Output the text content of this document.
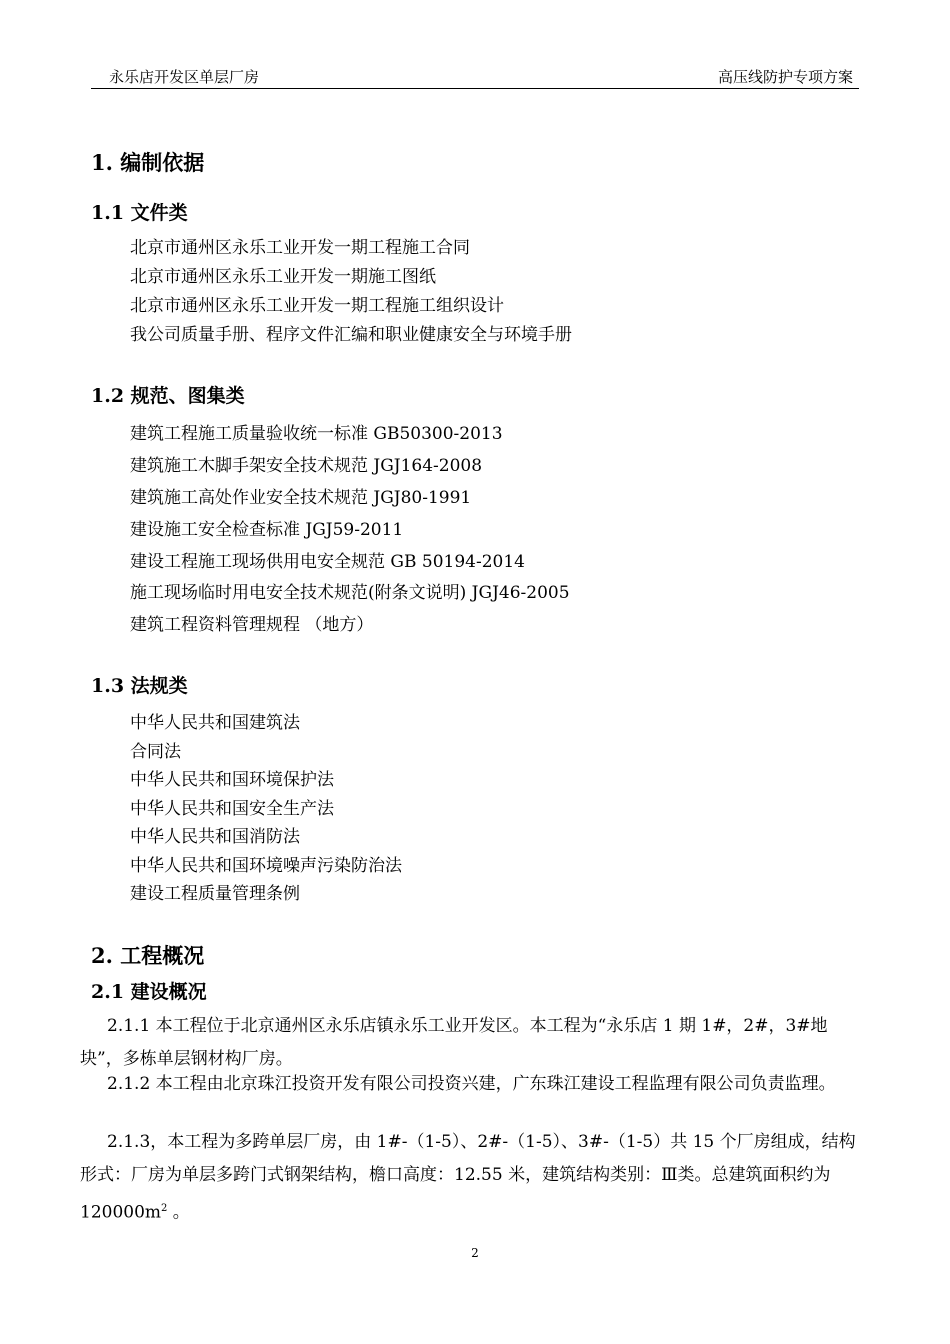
永乐店开发区单层厂房	高压线防护专项方案
1. 编制依据
1.1 文件类
北京市通州区永乐工业开发一期工程施工合同
北京市通州区永乐工业开发一期施工图纸
北京市通州区永乐工业开发一期工程施工组织设计
我公司质量手册、程序文件汇编和职业健康安全与环境手册
1.2 规范、图集类
建筑工程施工质量验收统一标准 GB50300-2013
建筑施工木脚手架安全技术规范 JGJ164-2008
建筑施工高处作业安全技术规范 JGJ80-1991
建设施工安全检查标准 JGJ59-2011
建设工程施工现场供用电安全规范 GB 50194-2014
施工现场临时用电安全技术规范(附条文说明) JGJ46-2005
建筑工程资料管理规程 （地方）
1.3 法规类
中华人民共和国建筑法
合同法
中华人民共和国环境保护法
中华人民共和国安全生产法
中华人民共和国消防法
中华人民共和国环境噪声污染防治法
建设工程质量管理条例
2. 工程概况
2.1 建设概况
2.1.1 本工程位于北京通州区永乐店镇永乐工业开发区。本工程为“永乐店 1 期 1#，2#，3#地块”，多栋单层钢材构厂房。
2.1.2 本工程由北京珠江投资开发有限公司投资兴建，广东珠江建设工程监理有限公司负责监理。
2.1.3，本工程为多跨单层厂房，由 1#-（1-5）、2#-（1-5）、3#-（1-5）共 15 个厂房组成，结构形式：厂房为单层多跨门式钢架结构，檐口高度：12.55 米，建筑结构类别：Ⅲ类。总建筑面积约为 $120000m^2$ 。
2
